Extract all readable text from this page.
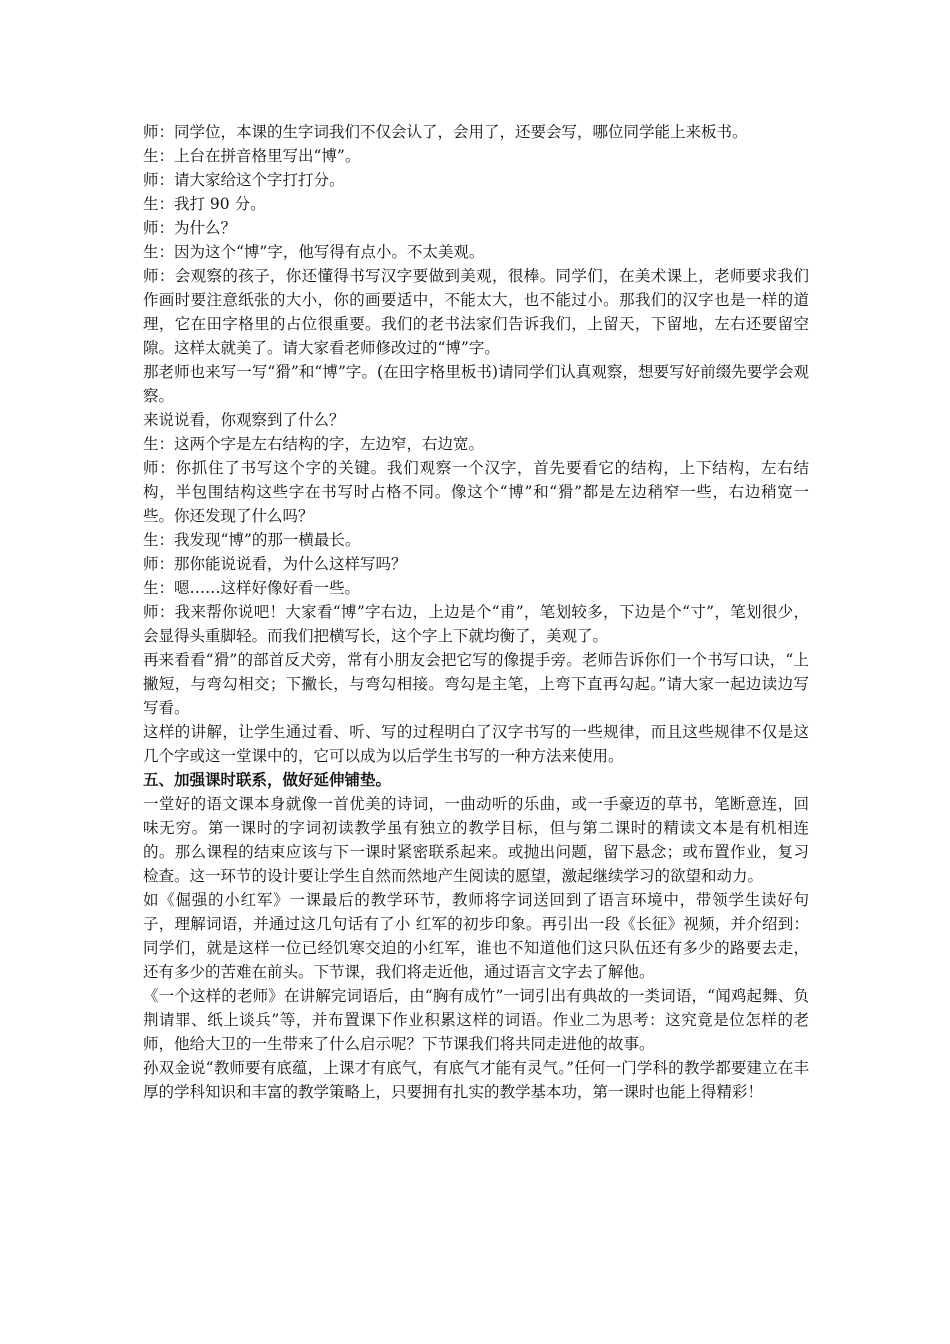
师：同学位，本课的生字词我们不仅会认了，会用了，还要会写，哪位同学能上来板书。

生：上台在拼音格里写出“博”。

师：请大家给这个字打打分。

生：我打 90 分。

师：为什么？

生：因为这个“博”字，他写得有点小。不太美观。

师：会观察的孩子，你还懂得书写汉字要做到美观，很棒。同学们，在美术课上，老师要求我们作画时要注意纸张的大小，你的画要适中，不能太大，也不能过小。那我们的汉字也是一样的道理，它在田字格里的占位很重要。我们的老书法家们告诉我们，上留天，下留地，左右还要留空隙。这样太就美了。请大家看老师修改过的“博”字。

那老师也来写一写“猾”和“博”字。(在田字格里板书)请同学们认真观察，想要写好前缀先要学会观察。

来说说看，你观察到了什么？

生：这两个字是左右结构的字，左边窄，右边宽。

师：你抓住了书写这个字的关键。我们观察一个汉字，首先要看它的结构，上下结构，左右结构，半包围结构这些字在书写时占格不同。像这个“博”和“猾”都是左边稍窄一些，右边稍宽一些。你还发现了什么吗？

生：我发现“博”的那一横最长。

师：那你能说说看，为什么这样写吗？

生：嗯……这样好像好看一些。

师：我来帮你说吧！大家看“博”字右边，上边是个“甫”，笔划较多，下边是个“寸”，笔划很少，会显得头重脚轻。而我们把横写长，这个字上下就均衡了，美观了。

再来看看“猾”的部首反犬旁，常有小朋友会把它写的像提手旁。老师告诉你们一个书写口诀，“上撇短，与弯勾相交；下撇长，与弯勾相接。弯勾是主笔，上弯下直再勾起。”请大家一起边读边写写看。

这样的讲解，让学生通过看、听、写的过程明白了汉字书写的一些规律，而且这些规律不仅是这几个字或这一堂课中的，它可以成为以后学生书写的一种方法来使用。

五、加强课时联系，做好延伸铺垫。

一堂好的语文课本身就像一首优美的诗词，一曲动听的乐曲，或一手豪迈的草书，笔断意连，回味无穷。第一课时的字词初读教学虽有独立的教学目标，但与第二课时的精读文本是有机相连的。那么课程的结束应该与下一课时紧密联系起来。或抛出问题，留下悬念；或布置作业，复习检查。这一环节的设计要让学生自然而然地产生阅读的愿望，激起继续学习的欲望和动力。

如《倔强的小红军》一课最后的教学环节，教师将字词送回到了语言环境中，带领学生读好句子，理解词语，并通过这几句话有了小 红军的初步印象。再引出一段《长征》视频，并介绍到：同学们，就是这样一位已经饥寒交迫的小红军，谁也不知道他们这只队伍还有多少的路要去走，还有多少的苦难在前头。下节课，我们将走近他，通过语言文字去了解他。

《一个这样的老师》在讲解完词语后，由“胸有成竹”一词引出有典故的一类词语，“闻鸡起舞、负荆请罪、纸上谈兵”等，并布置课下作业积累这样的词语。作业二为思考：这究竟是位怎样的老师，他给大卫的一生带来了什么启示呢？下节课我们将共同走进他的故事。

孙双金说“教师要有底蕴，上课才有底气，有底气才能有灵气。”任何一门学科的教学都要建立在丰厚的学科知识和丰富的教学策略上，只要拥有扎实的教学基本功，第一课时也能上得精彩！
